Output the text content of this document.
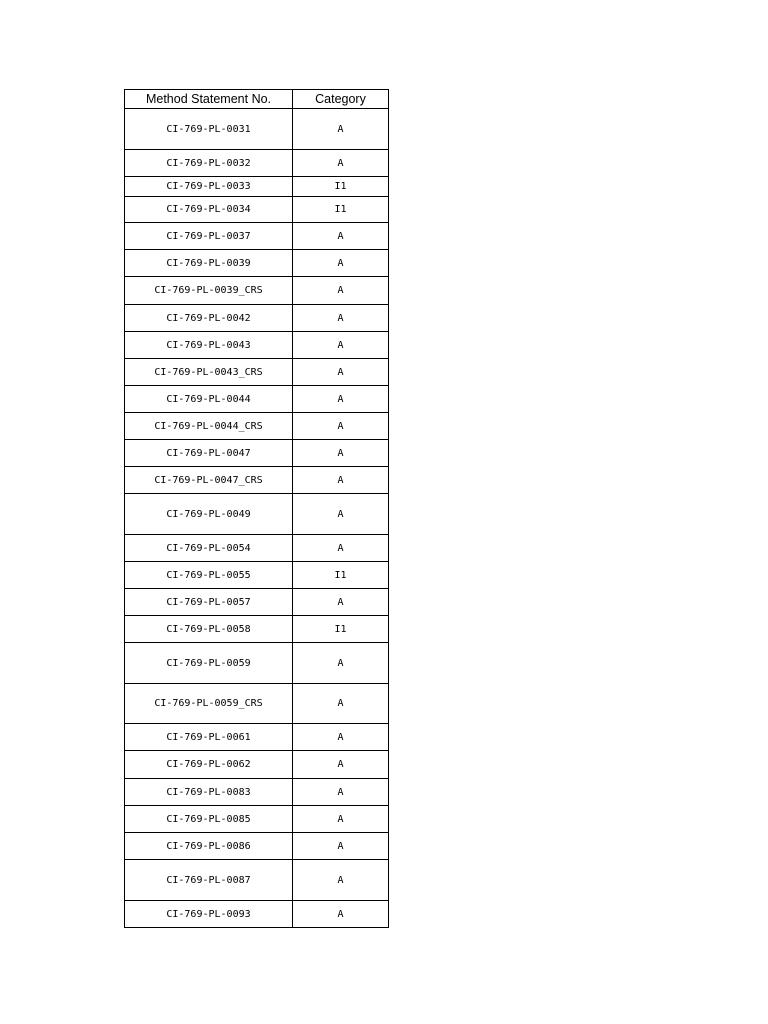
Method Statement No.	Category
CI-769-PL-0031	A
CI-769-PL-0032	A
CI-769-PL-0033	I1
CI-769-PL-0034	I1
CI-769-PL-0037	A
CI-769-PL-0039	A
CI-769-PL-0039_CRS	A
CI-769-PL-0042	A
CI-769-PL-0043	A
CI-769-PL-0043_CRS	A
CI-769-PL-0044	A
CI-769-PL-0044_CRS	A
CI-769-PL-0047	A
CI-769-PL-0047_CRS	A
CI-769-PL-0049	A
CI-769-PL-0054	A
CI-769-PL-0055	I1
CI-769-PL-0057	A
CI-769-PL-0058	I1
CI-769-PL-0059	A
CI-769-PL-0059_CRS	A
CI-769-PL-0061	A
CI-769-PL-0062	A
CI-769-PL-0083	A
CI-769-PL-0085	A
CI-769-PL-0086	A
CI-769-PL-0087	A
CI-769-PL-0093	A
